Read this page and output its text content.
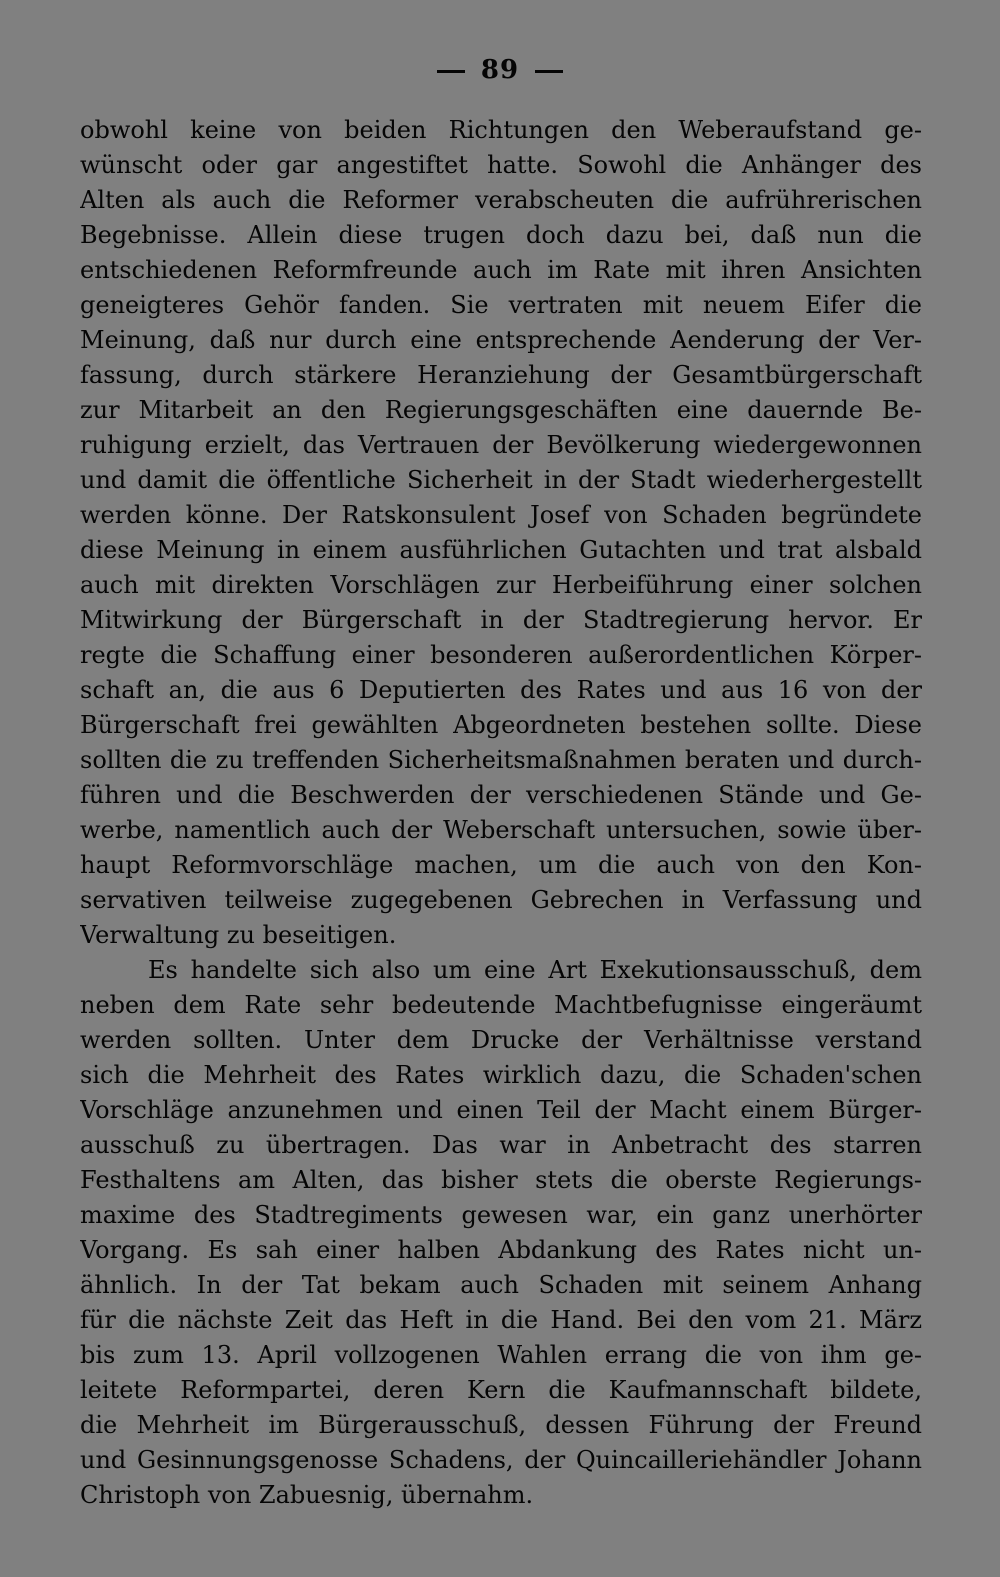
89
obwohl keine von beiden Richtungen den Weberaufstand ge-
wünscht oder gar angestiftet hatte. Sowohl die Anhänger des
Alten als auch die Reformer verabscheuten die aufrührerischen
Begebnisse. Allein diese trugen doch dazu bei, daß nun die
entschiedenen Reformfreunde auch im Rate mit ihren Ansichten
geneigteres Gehör fanden. Sie vertraten mit neuem Eifer die
Meinung, daß nur durch eine entsprechende Aenderung der Ver-
fassung, durch stärkere Heranziehung der Gesamtbürgerschaft
zur Mitarbeit an den Regierungsgeschäften eine dauernde Be-
ruhigung erzielt, das Vertrauen der Bevölkerung wiedergewonnen
und damit die öffentliche Sicherheit in der Stadt wiederhergestellt
werden könne. Der Ratskonsulent Josef von Schaden begründete
diese Meinung in einem ausführlichen Gutachten und trat alsbald
auch mit direkten Vorschlägen zur Herbeiführung einer solchen
Mitwirkung der Bürgerschaft in der Stadtregierung hervor. Er
regte die Schaffung einer besonderen außerordentlichen Körper-
schaft an, die aus 6 Deputierten des Rates und aus 16 von der
Bürgerschaft frei gewählten Abgeordneten bestehen sollte. Diese
sollten die zu treffenden Sicherheitsmaßnahmen beraten und durch-
führen und die Beschwerden der verschiedenen Stände und Ge-
werbe, namentlich auch der Weberschaft untersuchen, sowie über-
haupt Reformvorschläge machen, um die auch von den Kon-
servativen teilweise zugegebenen Gebrechen in Verfassung und
Verwaltung zu beseitigen.
Es handelte sich also um eine Art Exekutionsausschuß, dem
neben dem Rate sehr bedeutende Machtbefugnisse eingeräumt
werden sollten. Unter dem Drucke der Verhältnisse verstand
sich die Mehrheit des Rates wirklich dazu, die Schaden'schen
Vorschläge anzunehmen und einen Teil der Macht einem Bürger-
ausschuß zu übertragen. Das war in Anbetracht des starren
Festhaltens am Alten, das bisher stets die oberste Regierungs-
maxime des Stadtregiments gewesen war, ein ganz unerhörter
Vorgang. Es sah einer halben Abdankung des Rates nicht un-
ähnlich. In der Tat bekam auch Schaden mit seinem Anhang
für die nächste Zeit das Heft in die Hand. Bei den vom 21. März
bis zum 13. April vollzogenen Wahlen errang die von ihm ge-
leitete Reformpartei, deren Kern die Kaufmannschaft bildete,
die Mehrheit im Bürgerausschuß, dessen Führung der Freund
und Gesinnungsgenosse Schadens, der Quincailleriehändler Johann
Christoph von Zabuesnig, übernahm.
